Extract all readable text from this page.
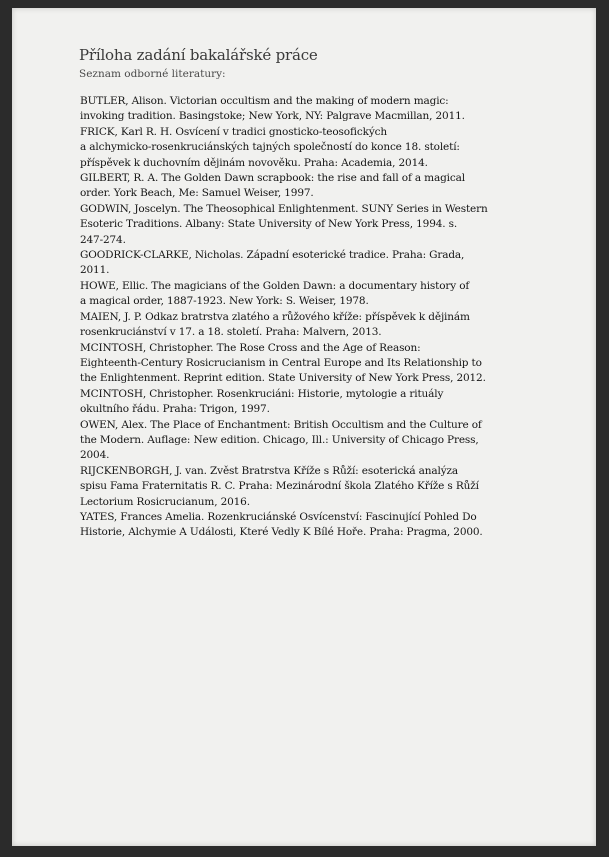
Příloha zadání bakalářské práce
Seznam odborné literatury:
BUTLER, Alison. Victorian occultism and the making of modern magic:
invoking tradition. Basingstoke; New York, NY: Palgrave Macmillan, 2011.
FRICK, Karl R. H. Osvícení v tradici gnosticko-teosofických
a alchymicko-rosenkruciánských tajných společností do konce 18. století:
příspěvek k duchovním dějinám novověku. Praha: Academia, 2014.
GILBERT, R. A. The Golden Dawn scrapbook: the rise and fall of a magical
order. York Beach, Me: Samuel Weiser, 1997.
GODWIN, Joscelyn. The Theosophical Enlightenment. SUNY Series in Western
Esoteric Traditions. Albany: State University of New York Press, 1994. s.
247-274.
GOODRICK-CLARKE, Nicholas. Západní esoterické tradice. Praha: Grada,
2011.
HOWE, Ellic. The magicians of the Golden Dawn: a documentary history of
a magical order, 1887-1923. New York: S. Weiser, 1978.
MAIEN, J. P. Odkaz bratrstva zlatého a růžového kříže: příspěvek k dějinám
rosenkruciánství v 17. a 18. století. Praha: Malvern, 2013.
MCINTOSH, Christopher. The Rose Cross and the Age of Reason:
Eighteenth-Century Rosicrucianism in Central Europe and Its Relationship to
the Enlightenment. Reprint edition. State University of New York Press, 2012.
MCINTOSH, Christopher. Rosenkruciáni: Historie, mytologie a rituály
okultního řádu. Praha: Trigon, 1997.
OWEN, Alex. The Place of Enchantment: British Occultism and the Culture of
the Modern. Auflage: New edition. Chicago, Ill.: University of Chicago Press,
2004.
RIJCKENBORGH, J. van. Zvěst Bratrstva Kříže s Růží: esoterická analýza
spisu Fama Fraternitatis R. C. Praha: Mezinárodní škola Zlatého Kříže s Růží
Lectorium Rosicrucianum, 2016.
YATES, Frances Amelia. Rozenkruciánské Osvícenství: Fascinující Pohled Do
Historie, Alchymie A Události, Které Vedly K Bílé Hoře. Praha: Pragma, 2000.
